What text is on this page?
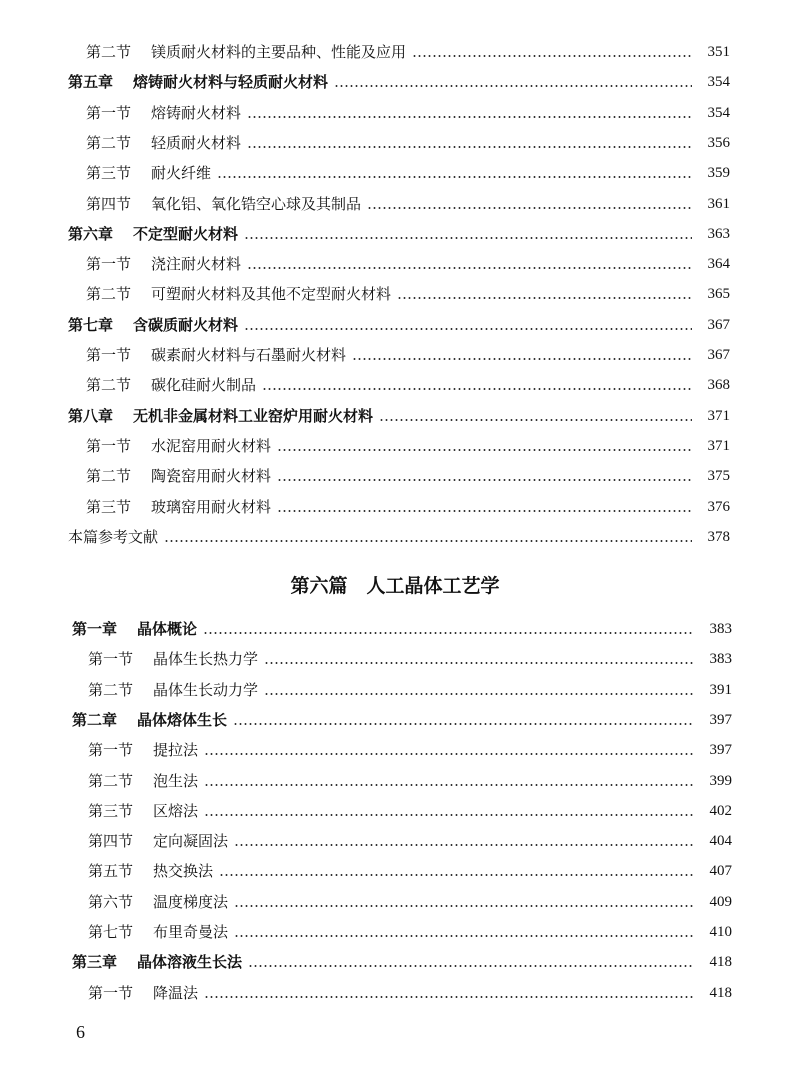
第二节 镁质耐火材料的主要品种、性能及应用	351
第五章 熔铸耐火材料与轻质耐火材料	354
第一节 熔铸耐火材料	354
第二节 轻质耐火材料	356
第三节 耐火纤维	359
第四节 氧化铝、氧化锆空心球及其制品	361
第六章 不定型耐火材料	363
第一节 浇注耐火材料	364
第二节 可塑耐火材料及其他不定型耐火材料	365
第七章 含碳质耐火材料	367
第一节 碳素耐火材料与石墨耐火材料	367
第二节 碳化硅耐火制品	368
第八章 无机非金属材料工业窑炉用耐火材料	371
第一节 水泥窑用耐火材料	371
第二节 陶瓷窑用耐火材料	375
第三节 玻璃窑用耐火材料	376
本篇参考文献	378
第六篇　人工晶体工艺学
第一章 晶体概论	383
第一节 晶体生长热力学	383
第二节 晶体生长动力学	391
第二章 晶体熔体生长	397
第一节 提拉法	397
第二节 泡生法	399
第三节 区熔法	402
第四节 定向凝固法	404
第五节 热交换法	407
第六节 温度梯度法	409
第七节 布里奇曼法	410
第三章 晶体溶液生长法	418
第一节 降温法	418
6
